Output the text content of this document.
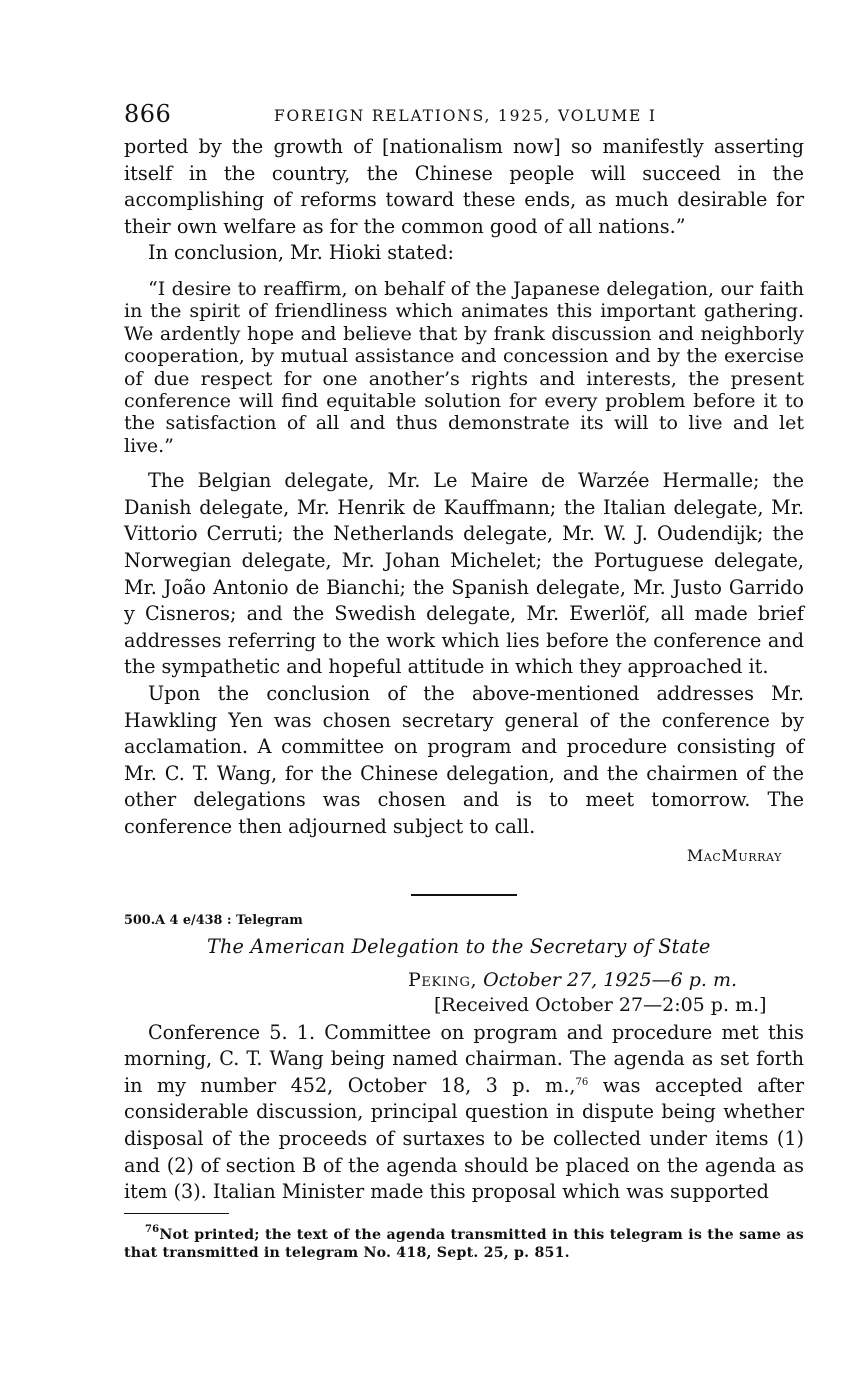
866	FOREIGN RELATIONS, 1925, VOLUME I

ported by the growth of [nationalism now] so manifestly asserting itself in the country, the Chinese people will succeed in the accomplishing of reforms toward these ends, as much desirable for their own welfare as for the common good of all nations.”

In conclusion, Mr. Hioki stated:

“I desire to reaffirm, on behalf of the Japanese delegation, our faith in the spirit of friendliness which animates this important gathering. We ardently hope and believe that by frank discussion and neighborly cooperation, by mutual assistance and concession and by the exercise of due respect for one another’s rights and interests, the present conference will find equitable solution for every problem before it to the satisfaction of all and thus demonstrate its will to live and let live.”

The Belgian delegate, Mr. Le Maire de Warzée Hermalle; the Danish delegate, Mr. Henrik de Kauffmann; the Italian delegate, Mr. Vittorio Cerruti; the Netherlands delegate, Mr. W. J. Oudendijk; the Norwegian delegate, Mr. Johan Michelet; the Portuguese delegate, Mr. João Antonio de Bianchi; the Spanish delegate, Mr. Justo Garrido y Cisneros; and the Swedish delegate, Mr. Ewerlöf, all made brief addresses referring to the work which lies before the conference and the sympathetic and hopeful attitude in which they approached it.

Upon the conclusion of the above-mentioned addresses Mr. Hawkling Yen was chosen secretary general of the conference by acclamation. A committee on program and procedure consisting of Mr. C. T. Wang, for the Chinese delegation, and the chairmen of the other delegations was chosen and is to meet tomorrow. The conference then adjourned subject to call.

MacMurray
500.A 4 e/438 : Telegram
The American Delegation to the Secretary of State
Peking, October 27, 1925—6 p. m.
[Received October 27—2:05 p. m.]

Conference 5. 1. Committee on program and procedure met this morning, C. T. Wang being named chairman. The agenda as set forth in my number 452, October 18, 3 p. m.,$^{76}$ was accepted after considerable discussion, principal question in dispute being whether disposal of the proceeds of surtaxes to be collected under items (1) and (2) of section B of the agenda should be placed on the agenda as item (3). Italian Minister made this proposal which was supported

$^{76}$Not printed; the text of the agenda transmitted in this telegram is the same as that transmitted in telegram No. 418, Sept. 25, p. 851.
